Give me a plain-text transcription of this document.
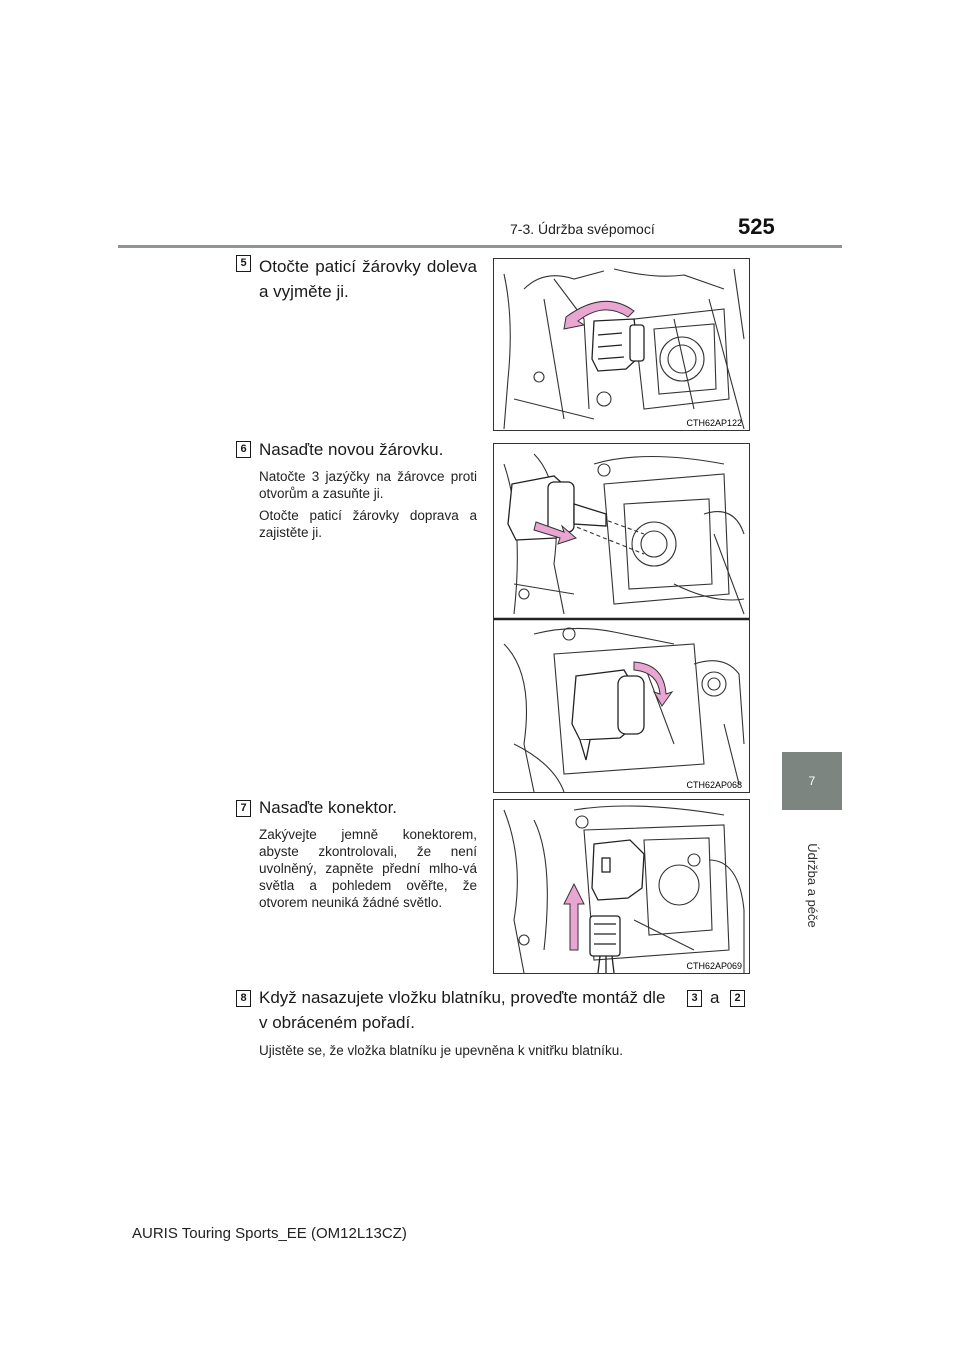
7-3. Údržba svépomocí	525
7
Údržba a péče
5 Otočte paticí žárovky doleva a vyjměte ji.
CTH62AP122
6 Nasaďte novou žárovku.
Natočte 3 jazýčky na žárovce proti otvorům a zasuňte ji.
Otočte paticí žárovky doprava a zajistěte ji.
CTH62AP068
7 Nasaďte konektor.
Zakývejte jemně konektorem, abyste zkontrolovali, že není uvolněný, zapněte přední mlho-vá světla a pohledem ověřte, že otvorem neuniká žádné světlo.
CTH62AP069
8 Když nasazujete vložku blatníku, proveďte montáž dle	3 a	2
v obráceném pořadí.
Ujistěte se, že vložka blatníku je upevněna k vnitřku blatníku.
AURIS Touring Sports_EE (OM12L13CZ)
